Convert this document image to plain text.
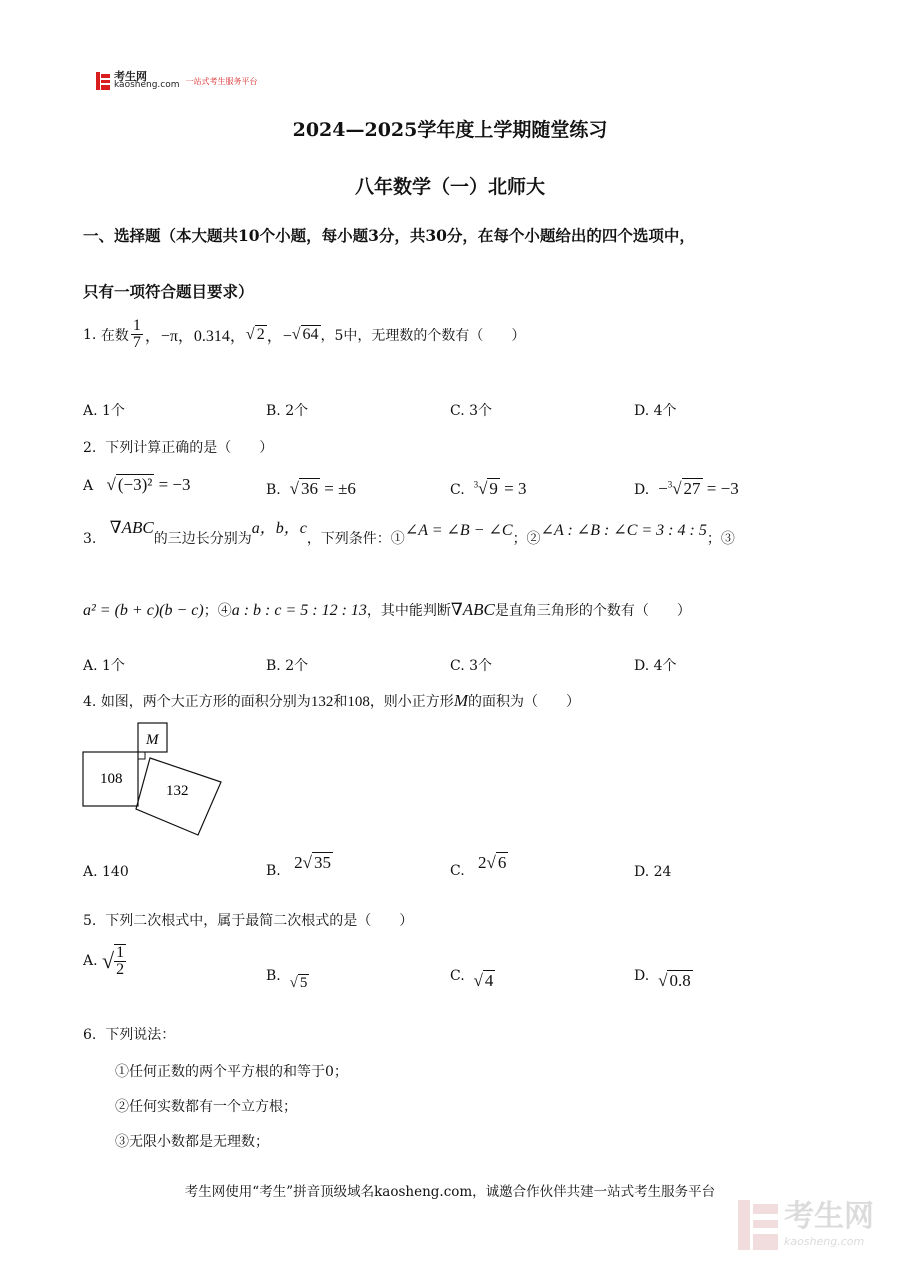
考生网
kaosheng.com 一站式考生服务平台
2024—2025学年度上学期随堂练习
八年数学（一）北师大
一、选择题（本大题共10个小题，每小题3分，共30分，在每个小题给出的四个选项中，
只有一项符合题目要求）
1.
在数 $\frac{1}{7}$ ，−π，0.314， √ 2 ，− √ 64 ，5中，无理数的个数有（　　）
A. 1个	B. 2个	C. 3个	D. 4个
2. 下列计算正确的是（　　）
A √ (−3)² = −3	B. √ 36 = ±6	C. $^3$√ 9 = 3	D. −$^3$√ 27 = −3
3.

∇ABC
的三边长分别为
a，b，c
，下列条件：① ∠A = ∠B − ∠C ；② ∠A : ∠B : ∠C = 3 : 4 : 5 ；③
a² = (b + c)(b − c) ；④ a : b : c = 5 : 12 : 13 ，其中能判断 ∇ABC 是直角三角形的个数有（　　）
A. 1个	B. 2个	C. 3个	D. 4个
4.
如图，两个大正方形的面积分别为 132 和 108 ，则小正方形 M 的面积为（　　）
M
108
132
A. 140	B.
2√ 35	C.
2√ 6	D. 24
5. 下列二次根式中，属于最简二次根式的是（　　）
A.
√ $\frac{1}{2}$	B.
√ 5	C.
√ 4	D.
√ 0.8
6. 下列说法：
①任何正数的两个平方根的和等于0；
②任何实数都有一个立方根；
③无限小数都是无理数；
考生网使用“考生”拼音顶级域名kaosheng.com，诚邀合作伙伴共建一站式考生服务平台
考生网
kaosheng.com
